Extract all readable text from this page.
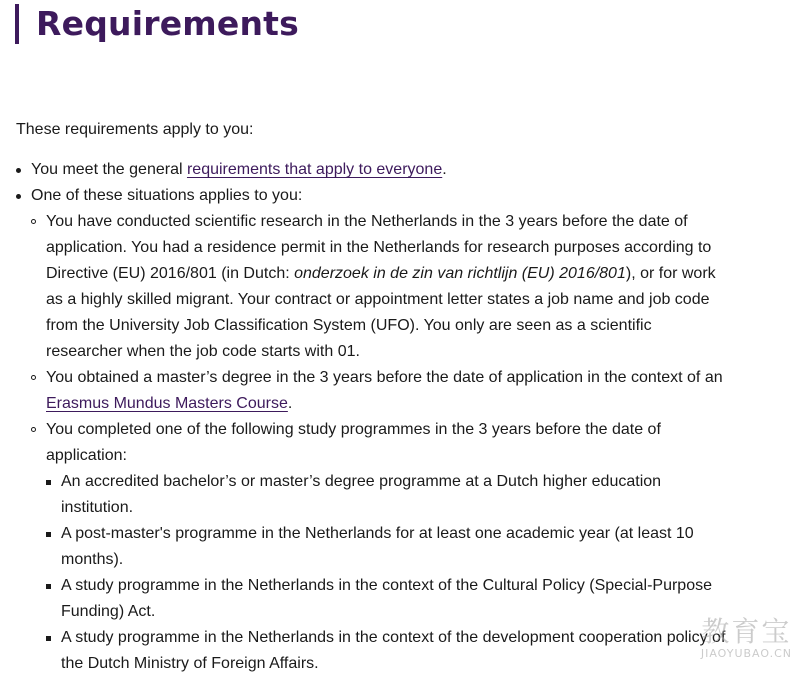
Requirements

These requirements apply to you:

You meet the general requirements that apply to everyone.
One of these situations applies to you:
You have conducted scientific research in the Netherlands in the 3 years before the date of application. You had a residence permit in the Netherlands for research purposes according to Directive (EU) 2016/801 (in Dutch: onderzoek in de zin van richtlijn (EU) 2016/801), or for work as a highly skilled migrant. Your contract or appointment letter states a job name and job code from the University Job Classification System (UFO). You only are seen as a scientific researcher when the job code starts with 01.
You obtained a master’s degree in the 3 years before the date of application in the context of an Erasmus Mundus Masters Course.
You completed one of the following study programmes in the 3 years before the date of application:
An accredited bachelor’s or master’s degree programme at a Dutch higher education institution.
A post-master's programme in the Netherlands for at least one academic year (at least 10 months).
A study programme in the Netherlands in the context of the Cultural Policy (Special-Purpose Funding) Act.
A study programme in the Netherlands in the context of the development cooperation policy of the Dutch Ministry of Foreign Affairs.
教育宝
JIAOYUBAO.CN
